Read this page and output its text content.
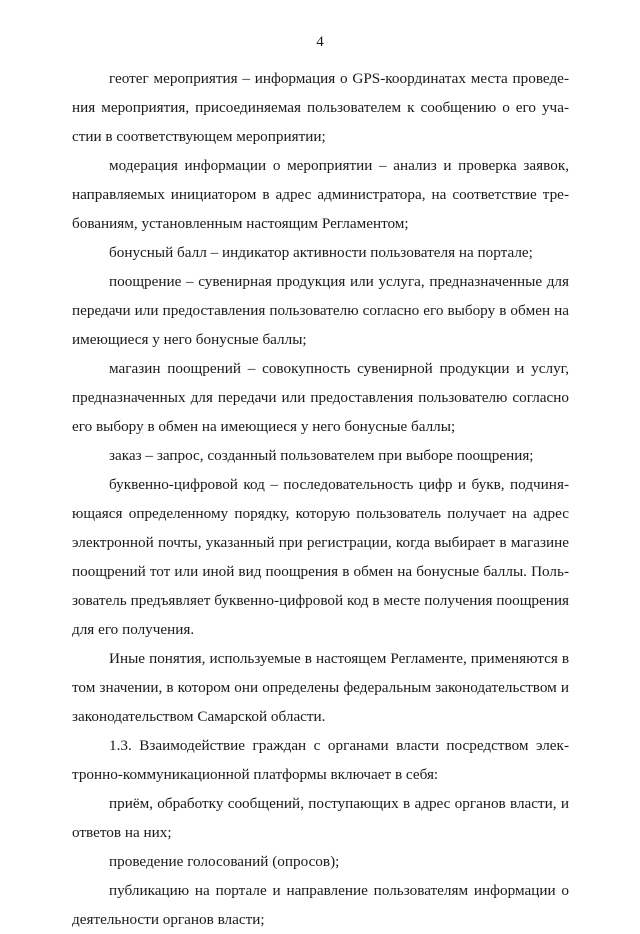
4

геотег мероприятия – информация о GPS-координатах места проведения мероприятия, присоединяемая пользователем к сообщению о его участии в соответствующем мероприятии;

модерация информации о мероприятии – анализ и проверка заявок, направляемых инициатором в адрес администратора, на соответствие требованиям, установленным настоящим Регламентом;

бонусный балл – индикатор активности пользователя на портале;

поощрение – сувенирная продукция или услуга, предназначенные для передачи или предоставления пользователю согласно его выбору в обмен на имеющиеся у него бонусные баллы;

магазин поощрений – совокупность сувенирной продукции и услуг, предназначенных для передачи или предоставления пользователю согласно его выбору в обмен на имеющиеся у него бонусные баллы;

заказ – запрос, созданный пользователем при выборе поощрения;

буквенно-цифровой код – последовательность цифр и букв, подчиняющаяся определенному порядку, которую пользователь получает на адрес электронной почты, указанный при регистрации, когда выбирает в магазине поощрений тот или иной вид поощрения в обмен на бонусные баллы. Пользователь предъявляет буквенно-цифровой код в месте получения поощрения для его получения.

Иные понятия, используемые в настоящем Регламенте, применяются в том значении, в котором они определены федеральным законодательством и законодательством Самарской области.

1.3. Взаимодействие граждан с органами власти посредством электронно-коммуникационной платформы включает в себя:

приём, обработку сообщений, поступающих в адрес органов власти, и ответов на них;

проведение голосований (опросов);

публикацию на портале и направление пользователям информации о деятельности органов власти;
